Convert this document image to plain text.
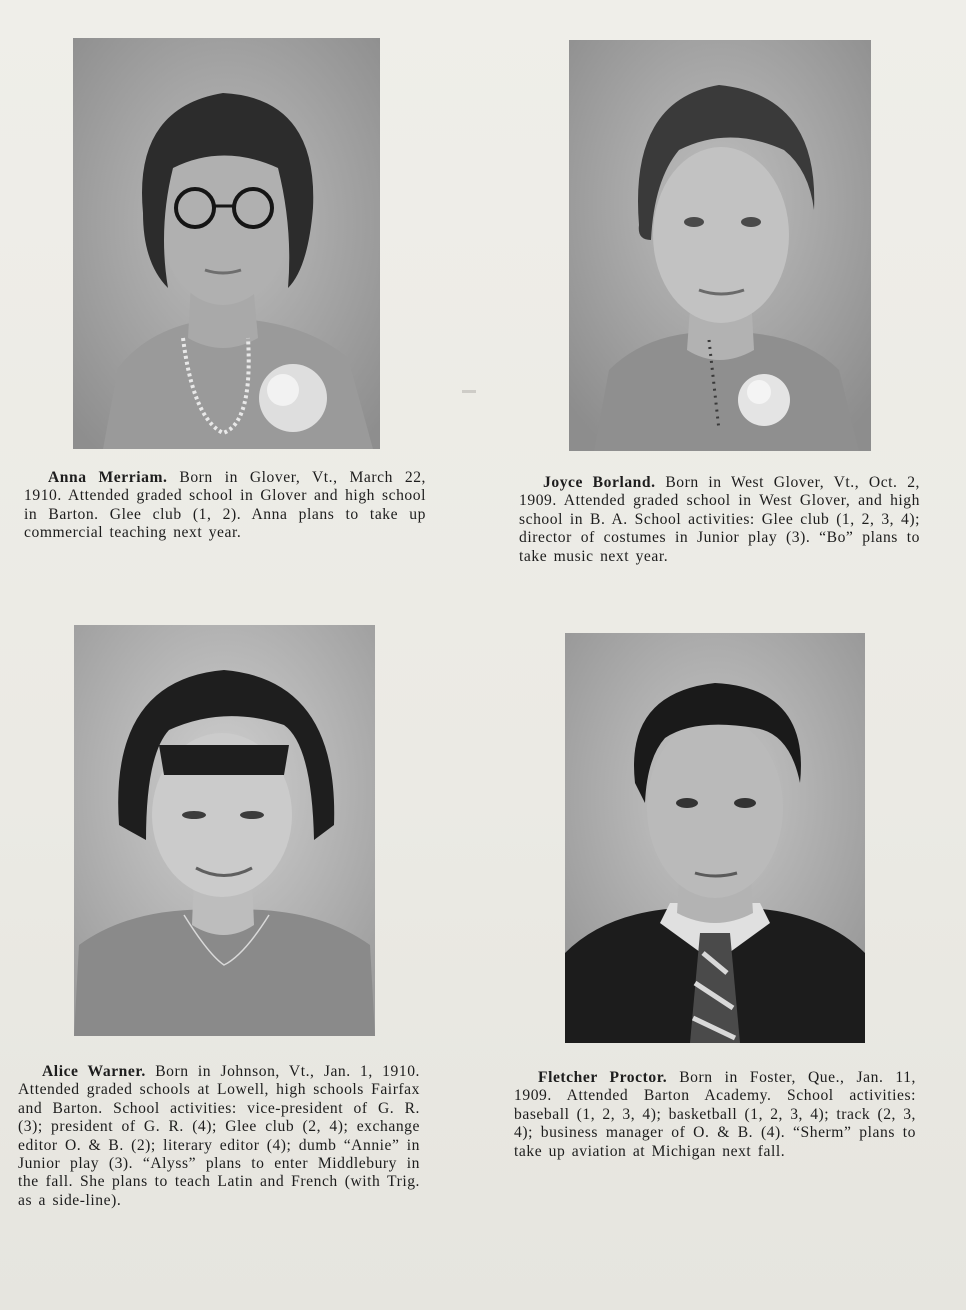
Anna Merriam. Born in Glover, Vt., March 22, 1910. Attended graded school in Glover and high school in Barton. Glee club (1, 2). Anna plans to take up commercial teaching next year.
Joyce Borland. Born in West Glover, Vt., Oct. 2, 1909. Attended graded school in West Glover, and high school in B. A. School activities: Glee club (1, 2, 3, 4); director of costumes in Junior play (3). “Bo” plans to take music next year.
Alice Warner. Born in Johnson, Vt., Jan. 1, 1910. Attended graded schools at Lowell, high schools Fairfax and Barton. School activities: vice-president of G. R. (3); president of G. R. (4); Glee club (2, 4); exchange editor O. & B. (2); literary editor (4); dumb “Annie” in Junior play (3). “Alyss” plans to enter Middlebury in the fall. She plans to teach Latin and French (with Trig. as a side-line).
Fletcher Proctor. Born in Foster, Que., Jan. 11, 1909. Attended Barton Academy. School activities: baseball (1, 2, 3, 4); basketball (1, 2, 3, 4); track (2, 3, 4); business manager of O. & B. (4). “Sherm” plans to take up aviation at Michigan next fall.
